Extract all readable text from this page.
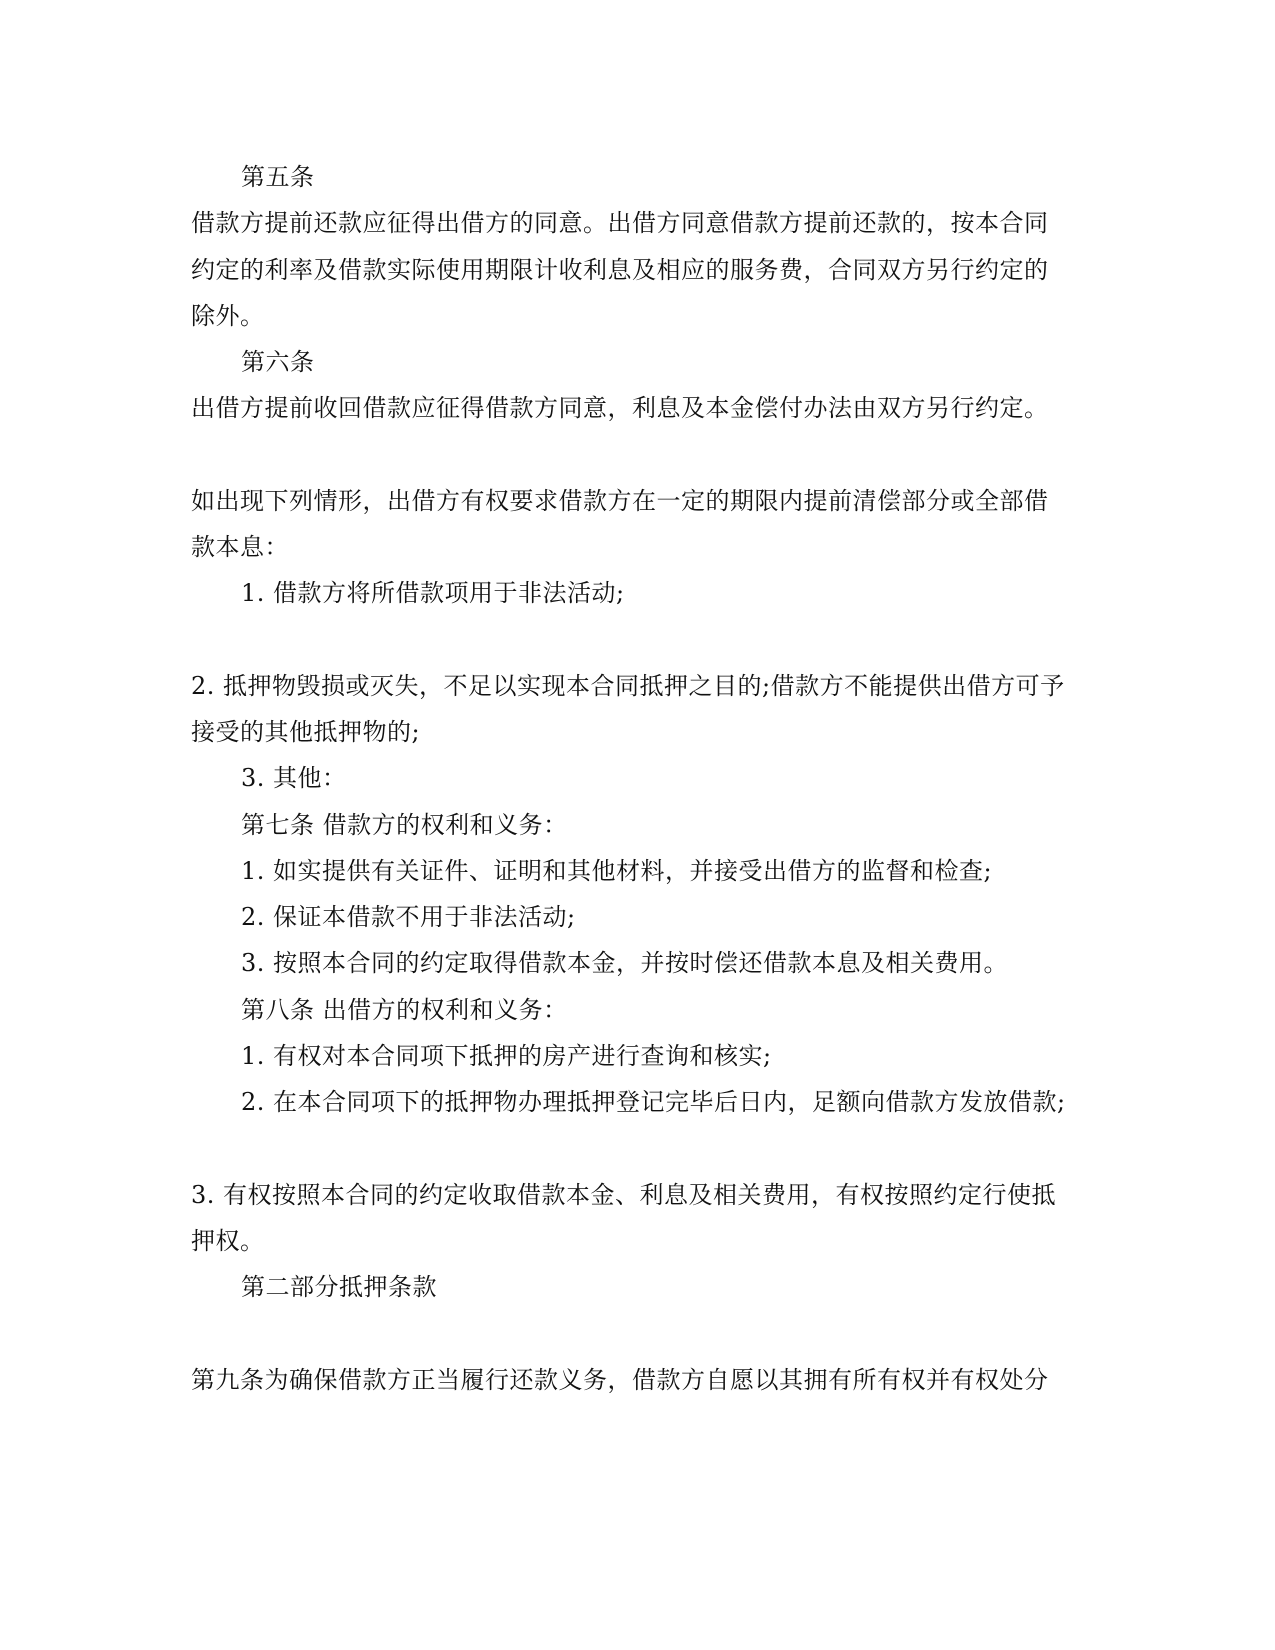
第五条
借款方提前还款应征得出借方的同意。出借方同意借款方提前还款的，按本合同
约定的利率及借款实际使用期限计收利息及相应的服务费，合同双方另行约定的
除外。
第六条
出借方提前收回借款应征得借款方同意，利息及本金偿付办法由双方另行约定。
如出现下列情形，出借方有权要求借款方在一定的期限内提前清偿部分或全部借
款本息：
1. 借款方将所借款项用于非法活动;
2. 抵押物毁损或灭失，不足以实现本合同抵押之目的;借款方不能提供出借方可予
接受的其他抵押物的;
3. 其他：
第七条 借款方的权利和义务：
1. 如实提供有关证件、证明和其他材料，并接受出借方的监督和检查;
2. 保证本借款不用于非法活动;
3. 按照本合同的约定取得借款本金，并按时偿还借款本息及相关费用。
第八条 出借方的权利和义务：
1. 有权对本合同项下抵押的房产进行查询和核实;
2. 在本合同项下的抵押物办理抵押登记完毕后日内，足额向借款方发放借款;
3. 有权按照本合同的约定收取借款本金、利息及相关费用，有权按照约定行使抵
押权。
第二部分抵押条款
第九条为确保借款方正当履行还款义务，借款方自愿以其拥有所有权并有权处分
